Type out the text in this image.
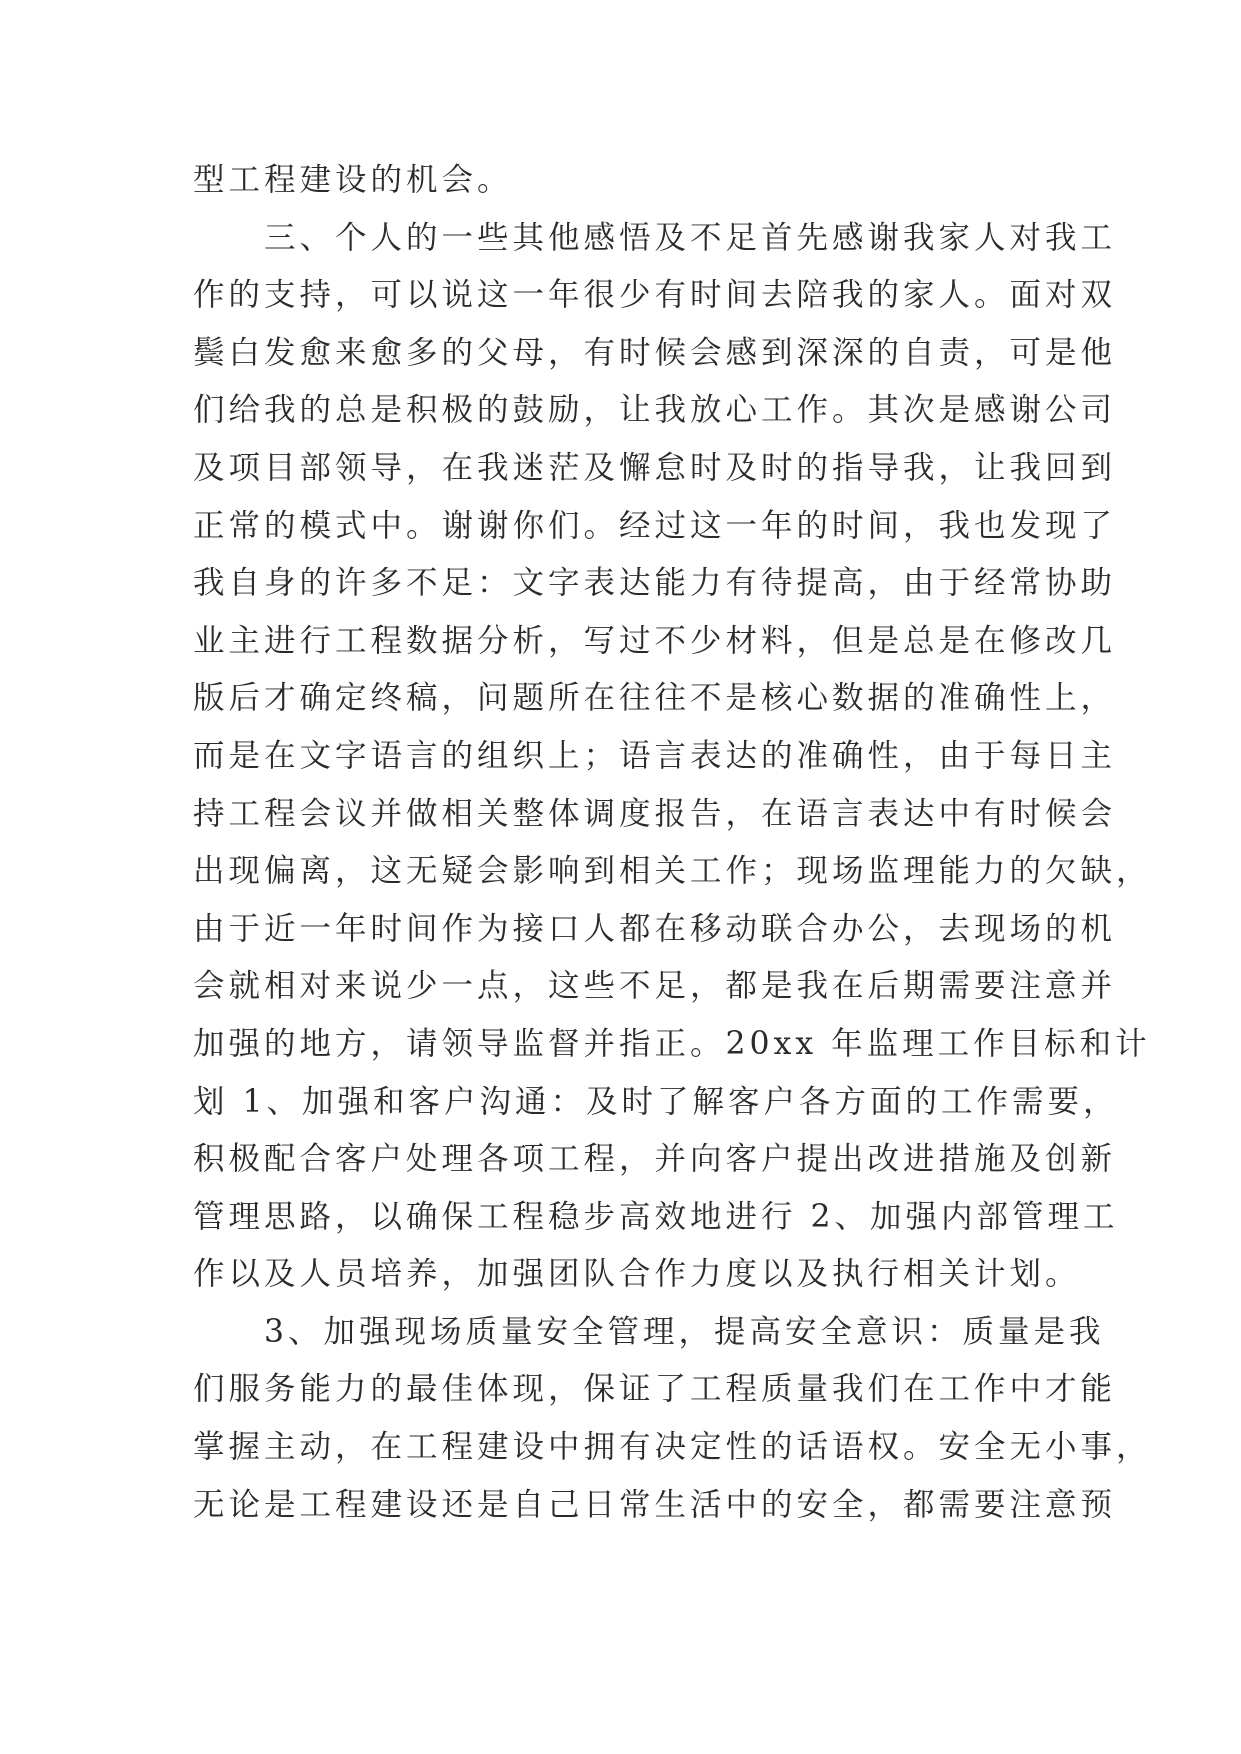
型工程建设的机会。
　　三、个人的一些其他感悟及不足首先感谢我家人对我工
作的支持，可以说这一年很少有时间去陪我的家人。面对双
鬓白发愈来愈多的父母，有时候会感到深深的自责，可是他
们给我的总是积极的鼓励，让我放心工作。其次是感谢公司
及项目部领导，在我迷茫及懈怠时及时的指导我，让我回到
正常的模式中。谢谢你们。经过这一年的时间，我也发现了
我自身的许多不足：文字表达能力有待提高，由于经常协助
业主进行工程数据分析，写过不少材料，但是总是在修改几
版后才确定终稿，问题所在往往不是核心数据的准确性上，
而是在文字语言的组织上；语言表达的准确性，由于每日主
持工程会议并做相关整体调度报告，在语言表达中有时候会
出现偏离，这无疑会影响到相关工作；现场监理能力的欠缺，
由于近一年时间作为接口人都在移动联合办公，去现场的机
会就相对来说少一点，这些不足，都是我在后期需要注意并
加强的地方，请领导监督并指正。20xx 年监理工作目标和计
划 1、加强和客户沟通：及时了解客户各方面的工作需要，
积极配合客户处理各项工程，并向客户提出改进措施及创新
管理思路，以确保工程稳步高效地进行 2、加强内部管理工
作以及人员培养，加强团队合作力度以及执行相关计划。
　　3、加强现场质量安全管理，提高安全意识：质量是我
们服务能力的最佳体现，保证了工程质量我们在工作中才能
掌握主动，在工程建设中拥有决定性的话语权。安全无小事，
无论是工程建设还是自己日常生活中的安全，都需要注意预
